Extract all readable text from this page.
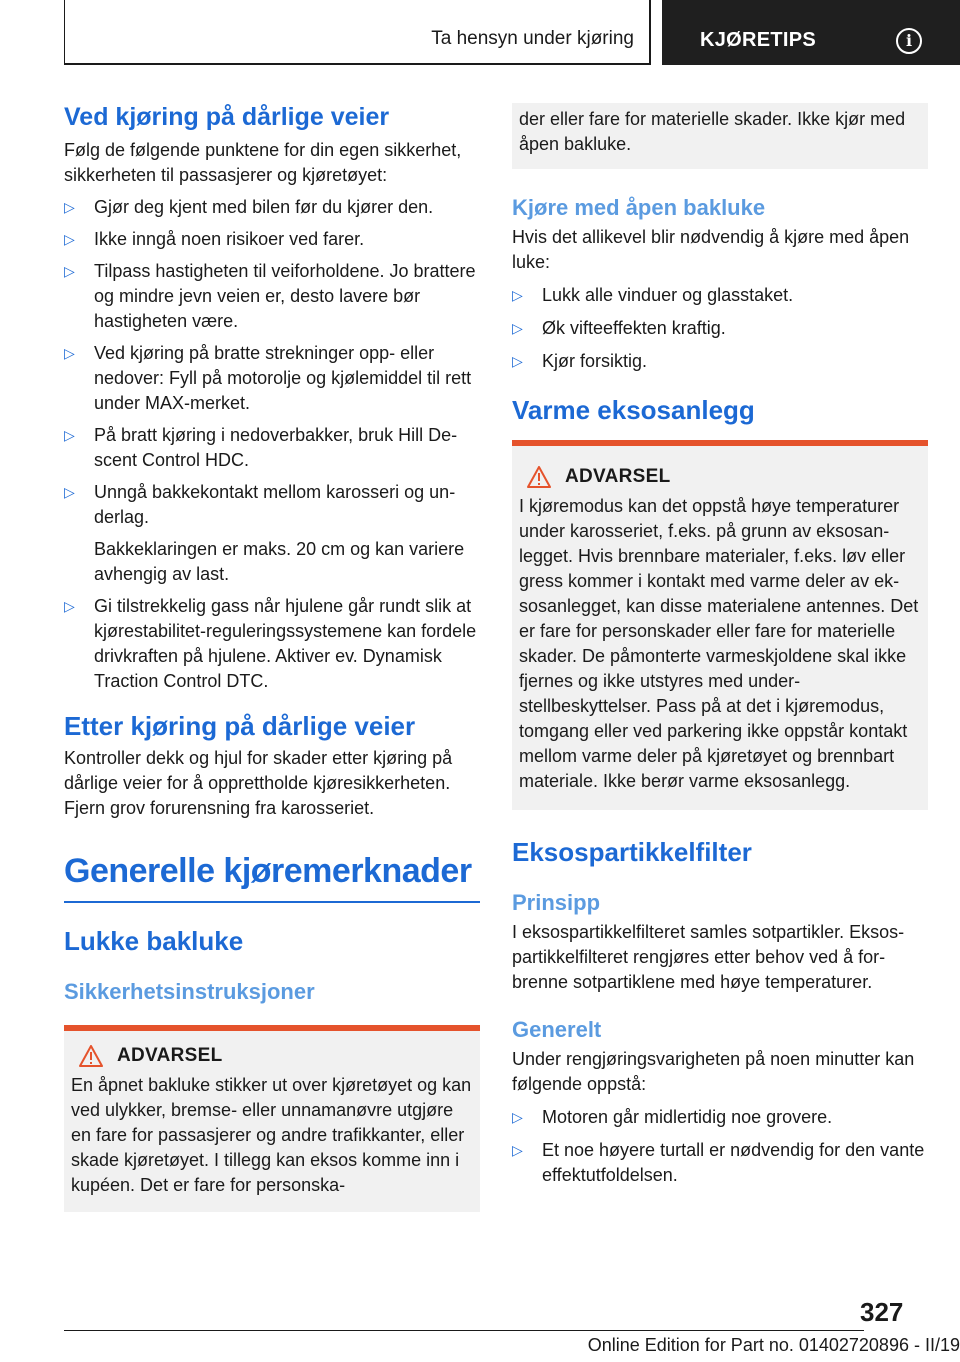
Ta hensyn under kjøring	KJØRETIPS	i
Ved kjøring på dårlige veier

Følg de følgende punktene for din egen sikkerhet, sikkerheten til passasjerer og kjøretøyet:

▷ Gjør deg kjent med bilen før du kjører den.
▷ Ikke inngå noen risikoer ved farer.
▷ Tilpass hastigheten til veiforholdene. Jo brattere og mindre jevn veien er, desto lavere bør hastigheten være.
▷ Ved kjøring på bratte strekninger opp- eller nedover: Fyll på motorolje og kjølemiddel til rett under MAX-merket.
▷ På bratt kjøring i nedoverbakker, bruk Hill Descent Control HDC.
▷ Unngå bakkekontakt mellom karosseri og underlag.
Bakkeklaringen er maks. 20 cm og kan variere avhengig av last.
▷ Gi tilstrekkelig gass når hjulene går rundt slik at kjørestabilitet-reguleringssystemene kan fordele drivkraften på hjulene. Aktiver ev. Dynamisk Traction Control DTC.
Etter kjøring på dårlige veier

Kontroller dekk og hjul for skader etter kjøring på dårlige veier for å opprettholde kjøresikkerheten. Fjern grov forurensning fra karosseriet.

Generelle kjøremerknader
Lukke bakluke
Sikkerhetsinstruksjoner
ADVARSEL
En åpnet bakluke stikker ut over kjøretøyet og kan ved ulykker, bremse- eller unnamanøvre utgjøre en fare for passasjerer og andre trafikkanter, eller skade kjøretøyet. I tillegg kan eksos komme inn i kupéen. Det er fare for personska-
der eller fare for materielle skader. Ikke kjør med åpen bakluke.
Kjøre med åpen bakluke

Hvis det allikevel blir nødvendig å kjøre med åpen luke:

▷ Lukk alle vinduer og glasstaket.
▷ Øk vifteeffekten kraftig.
▷ Kjør forsiktig.
Varme eksosanlegg
ADVARSEL
I kjøremodus kan det oppstå høye temperaturer under karosseriet, f.eks. på grunn av eksosanlegget. Hvis brennbare materialer, f.eks. løv eller gress kommer i kontakt med varme deler av eksosanlegget, kan disse materialene antennes. Det er fare for personskader eller fare for materielle skader. De påmonterte varmeskjoldene skal ikke fjernes og ikke utstyres med understellbeskyttelser. Pass på at det i kjøremodus, tomgang eller ved parkering ikke oppstår kontakt mellom varme deler på kjøretøyet og brennbart materiale. Ikke berør varme eksosanlegg.
Eksospartikkelfilter
Prinsipp

I eksospartikkelfilteret samles sotpartikler. Eksospartikkelfilteret rengjøres etter behov ved å forbrenne sotpartiklene med høye temperaturer.

Generelt

Under rengjøringsvarigheten på noen minutter kan følgende oppstå:

▷ Motoren går midlertidig noe grovere.
▷ Et noe høyere turtall er nødvendig for den vante effektutfoldelsen.
327
Online Edition for Part no. 01402720896 - II/19
